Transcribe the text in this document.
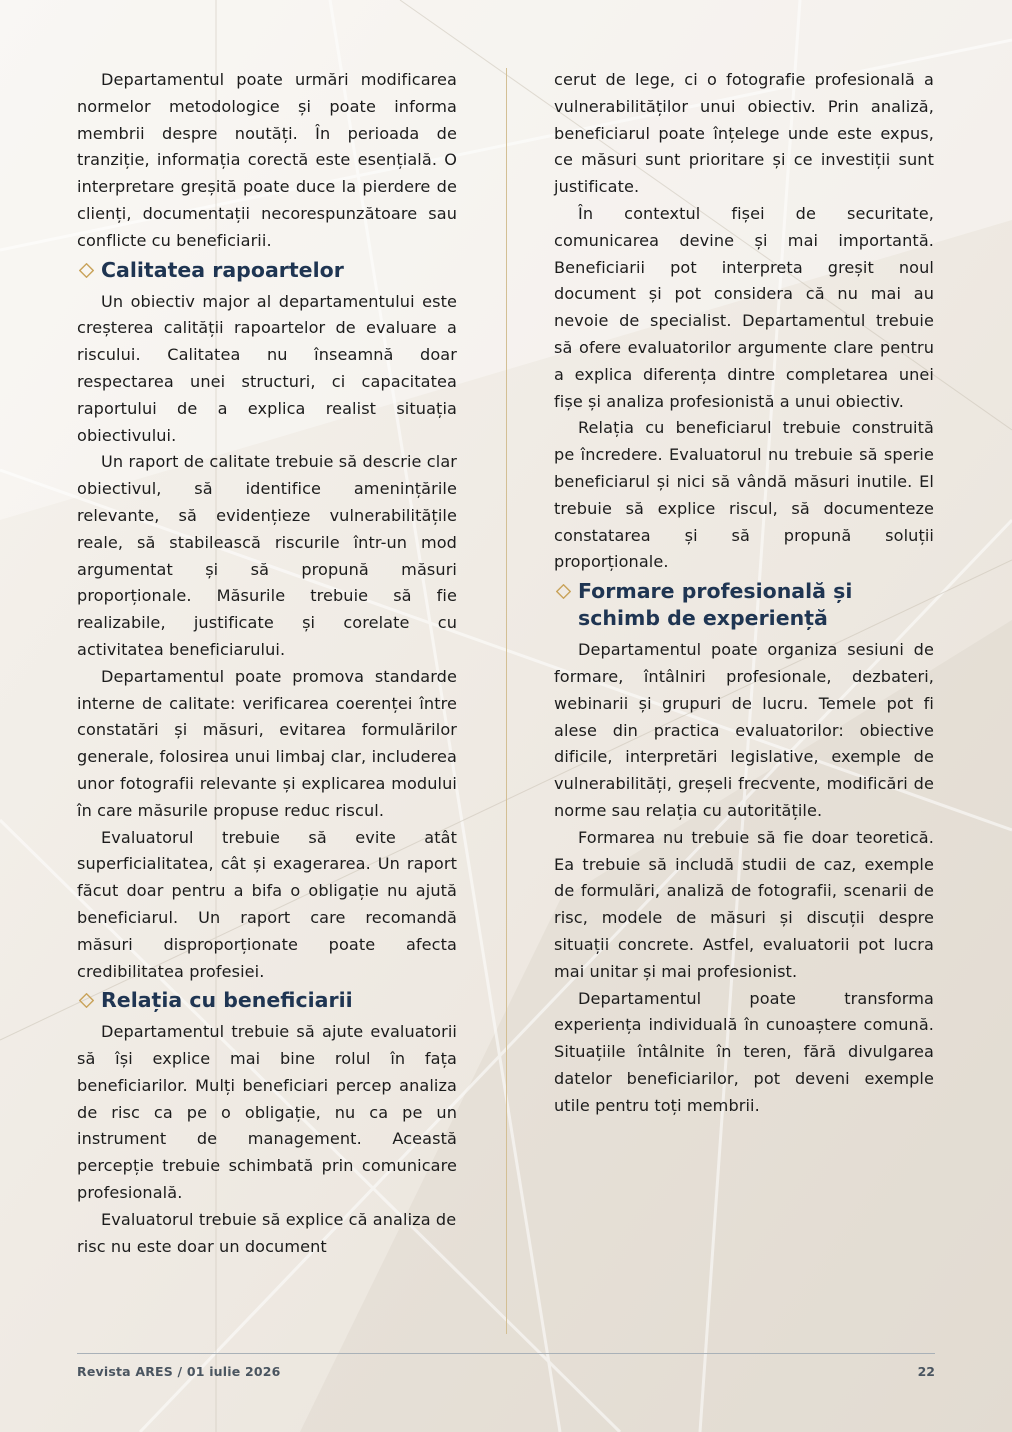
Departamentul poate urmări modificarea normelor metodologice și poate informa membrii despre noutăți. În perioada de tranziție, informația corectă este esențială. O interpretare greșită poate duce la pierdere de clienți, documentații necorespunzătoare sau conflicte cu beneficiarii.

Calitatea rapoartelor

Un obiectiv major al departamentului este creșterea calității rapoartelor de evaluare a riscului. Calitatea nu înseamnă doar respectarea unei structuri, ci capacitatea raportului de a explica realist situația obiectivului.

Un raport de calitate trebuie să descrie clar obiectivul, să identifice amenințările relevante, să evidențieze vulnerabilitățile reale, să stabilească riscurile într-un mod argumentat și să propună măsuri proporționale. Măsurile trebuie să fie realizabile, justificate și corelate cu activitatea beneficiarului.

Departamentul poate promova standarde interne de calitate: verificarea coerenței între constatări și măsuri, evitarea formulărilor generale, folosirea unui limbaj clar, includerea unor fotografii relevante și explicarea modului în care măsurile propuse reduc riscul.

Evaluatorul trebuie să evite atât superficialitatea, cât și exagerarea. Un raport făcut doar pentru a bifa o obligație nu ajută beneficiarul. Un raport care recomandă măsuri disproporționate poate afecta credibilitatea profesiei.

Relația cu beneficiarii

Departamentul trebuie să ajute evaluatorii să își explice mai bine rolul în fața beneficiarilor. Mulți beneficiari percep analiza de risc ca pe o obligație, nu ca pe un instrument de management. Această percepție trebuie schimbată prin comunicare profesională.

Evaluatorul trebuie să explice că analiza de risc nu este doar un document

cerut de lege, ci o fotografie profesională a vulnerabilităților unui obiectiv. Prin analiză, beneficiarul poate înțelege unde este expus, ce măsuri sunt prioritare și ce investiții sunt justificate.

În contextul fișei de securitate, comunicarea devine și mai importantă. Beneficiarii pot interpreta greșit noul document și pot considera că nu mai au nevoie de specialist. Departamentul trebuie să ofere evaluatorilor argumente clare pentru a explica diferența dintre completarea unei fișe și analiza profesionistă a unui obiectiv.

Relația cu beneficiarul trebuie construită pe încredere. Evaluatorul nu trebuie să sperie beneficiarul și nici să vândă măsuri inutile. El trebuie să explice riscul, să documenteze constatarea și să propună soluții proporționale.

Formare profesională și schimb de experiență

Departamentul poate organiza sesiuni de formare, întâlniri profesionale, dezbateri, webinarii și grupuri de lucru. Temele pot fi alese din practica evaluatorilor: obiective dificile, interpretări legislative, exemple de vulnerabilități, greșeli frecvente, modificări de norme sau relația cu autoritățile.

Formarea nu trebuie să fie doar teoretică. Ea trebuie să includă studii de caz, exemple de formulări, analiză de fotografii, scenarii de risc, modele de măsuri și discuții despre situații concrete. Astfel, evaluatorii pot lucra mai unitar și mai profesionist.

Departamentul poate transforma experiența individuală în cunoaștere comună. Situațiile întâlnite în teren, fără divulgarea datelor beneficiarilor, pot deveni exemple utile pentru toți membrii.

Revista ARES / 01 iulie 2026	22
